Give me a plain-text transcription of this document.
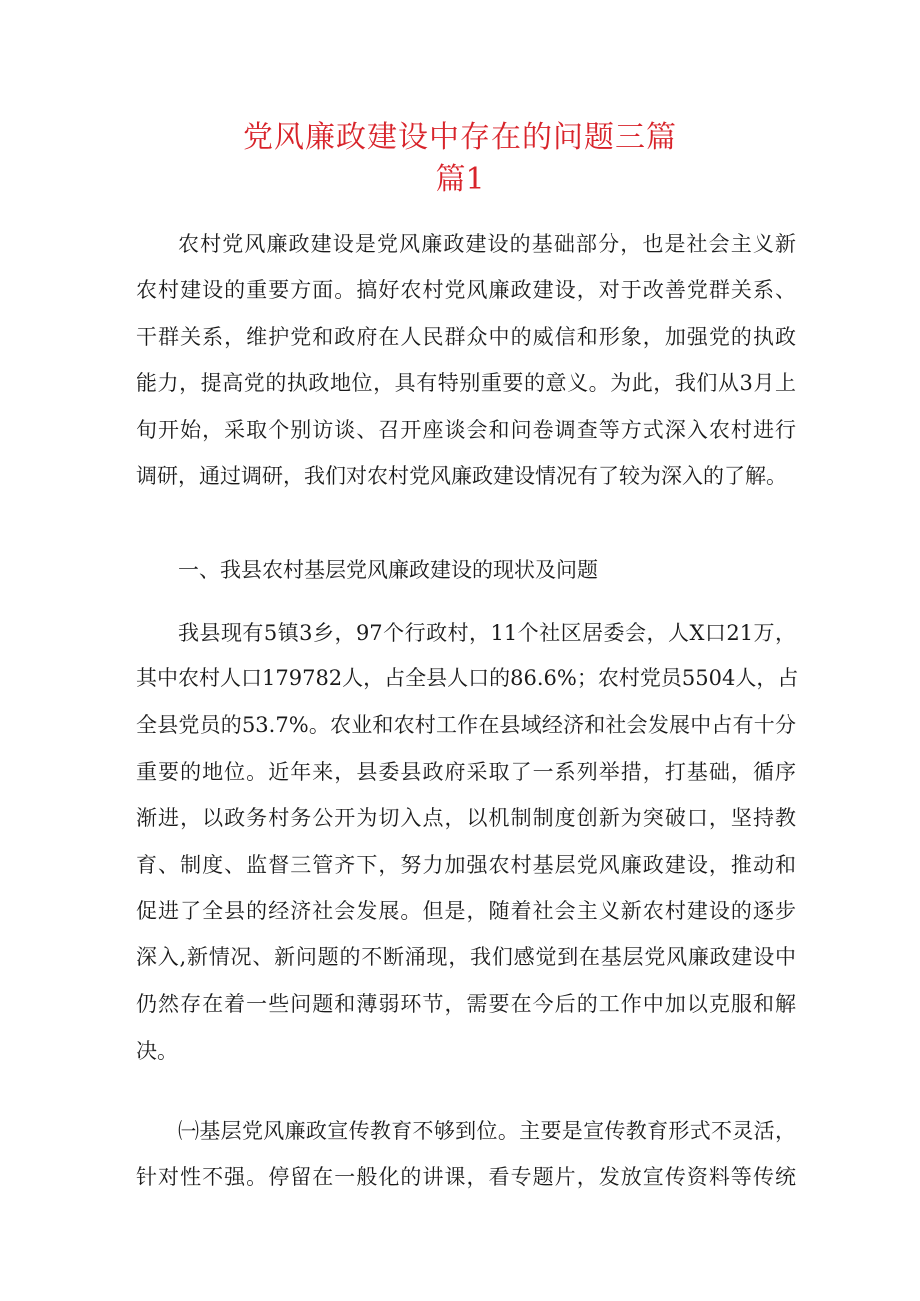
党风廉政建设中存在的问题三篇
篇1
农村党风廉政建设是党风廉政建设的基础部分，也是社会主义新
农村建设的重要方面。搞好农村党风廉政建设，对于改善党群关系、
干群关系，维护党和政府在人民群众中的威信和形象，加强党的执政
能力，提高党的执政地位，具有特别重要的意义。为此，我们从3月上
旬开始，采取个别访谈、召开座谈会和问卷调查等方式深入农村进行
调研，通过调研，我们对农村党风廉政建设情况有了较为深入的了解。
一、我县农村基层党风廉政建设的现状及问题
我县现有5镇3乡，97个行政村，11个社区居委会，人X口21万，
其中农村人口179782人，占全县人口的86.6%；农村党员5504人，占
全县党员的53.7%。农业和农村工作在县域经济和社会发展中占有十分
重要的地位。近年来，县委县政府采取了一系列举措，打基础，循序
渐进，以政务村务公开为切入点，以机制制度创新为突破口，坚持教
育、制度、监督三管齐下，努力加强农村基层党风廉政建设，推动和
促进了全县的经济社会发展。但是，随着社会主义新农村建设的逐步
深入,新情况、新问题的不断涌现，我们感觉到在基层党风廉政建设中
仍然存在着一些问题和薄弱环节，需要在今后的工作中加以克服和解
决。
㈠基层党风廉政宣传教育不够到位。主要是宣传教育形式不灵活，
针对性不强。停留在一般化的讲课，看专题片，发放宣传资料等传统
